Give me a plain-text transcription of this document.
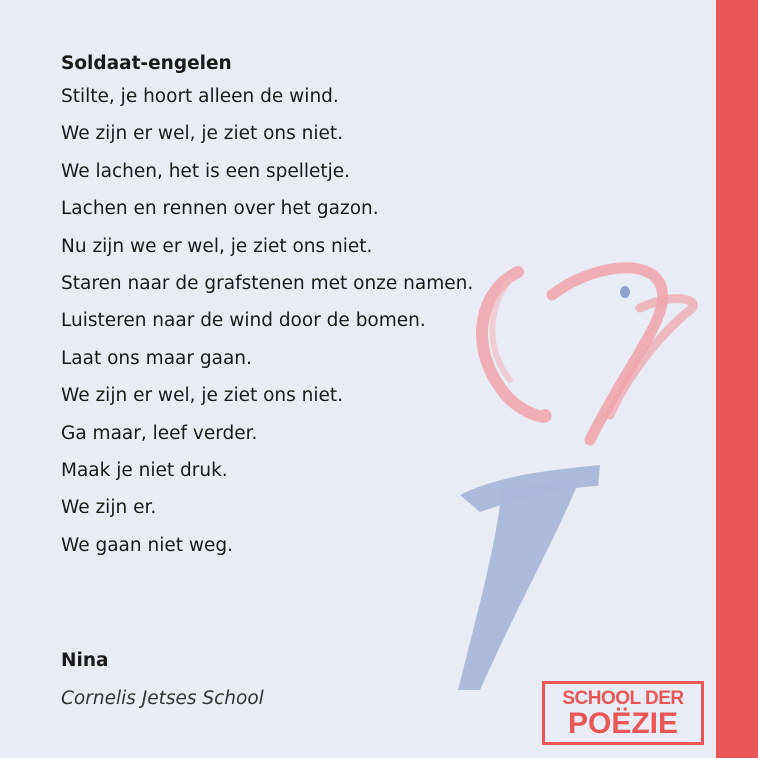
Soldaat-engelen
Stilte, je hoort alleen de wind.
We zijn er wel, je ziet ons niet.
We lachen, het is een spelletje.
Lachen en rennen over het gazon.
Nu zijn we er wel, je ziet ons niet.
Staren naar de grafstenen met onze namen.
Luisteren naar de wind door de bomen.
Laat ons maar gaan.
We zijn er wel, je ziet ons niet.
Ga maar, leef verder.
Maak je niet druk.
We zijn er.
We gaan niet weg.
Nina
Cornelis Jetses School	SCHOOL DER
POËZIE
